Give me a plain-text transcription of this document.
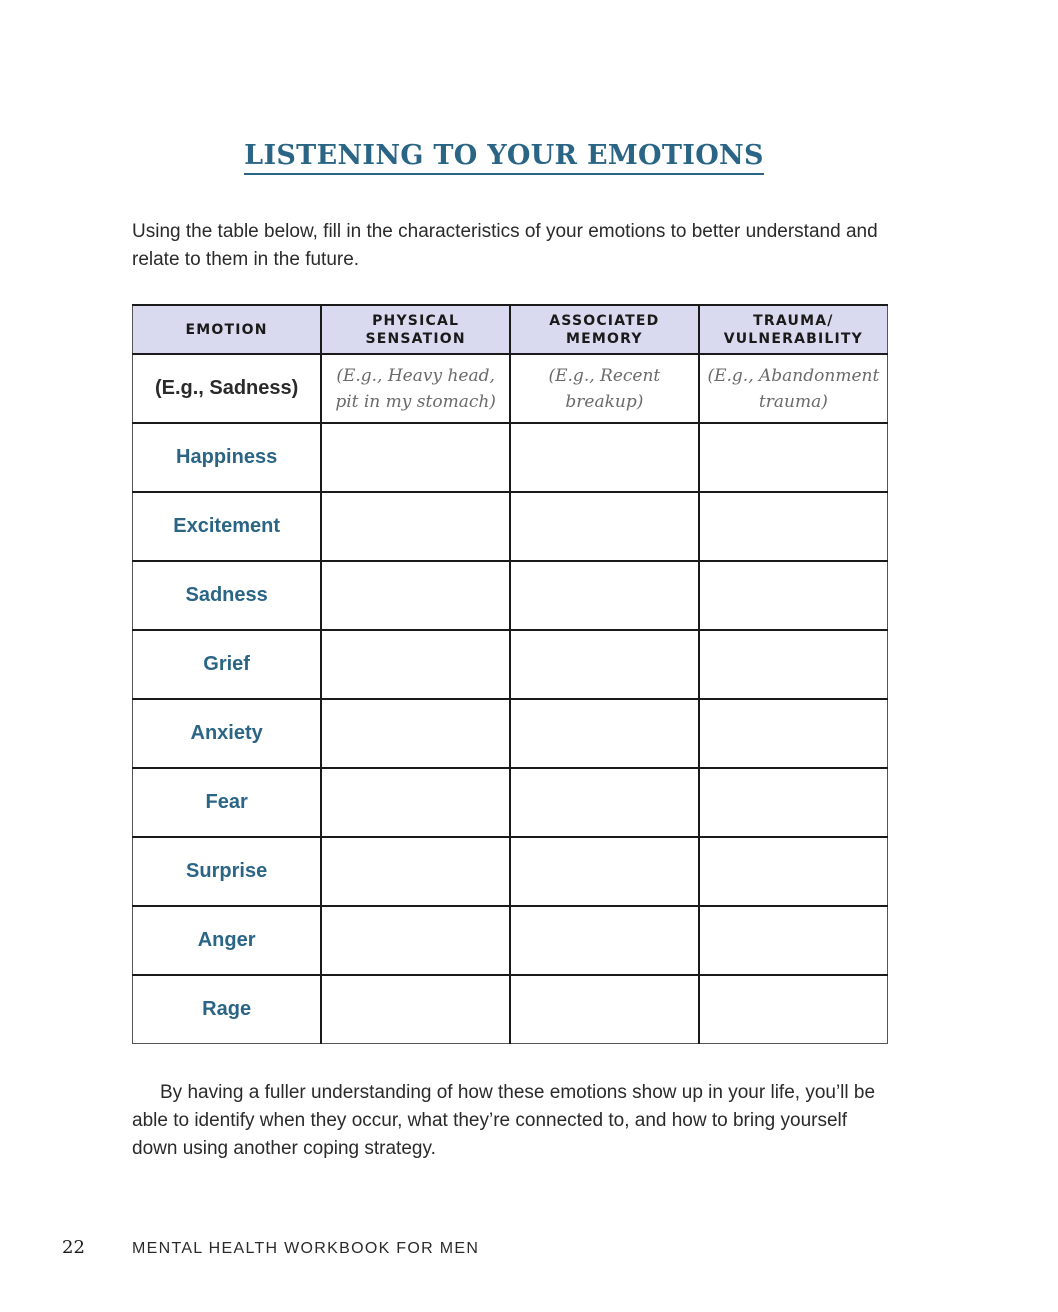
LISTENING TO YOUR EMOTIONS
Using the table below, fill in the characteristics of your emotions to better understand and relate to them in the future.
EMOTION	PHYSICAL SENSATION	ASSOCIATED MEMORY	TRAUMA/ VULNERABILITY
(E.g., Sadness)	(E.g., Heavy head, pit in my stomach)	(E.g., Recent breakup)	(E.g., Abandonment trauma)
Happiness			
Excitement			
Sadness			
Grief			
Anxiety			
Fear			
Surprise			
Anger			
Rage			
By having a fuller understanding of how these emotions show up in your life, you’ll be able to identify when they occur, what they’re connected to, and how to bring yourself down using another coping strategy.
22	MENTAL HEALTH WORKBOOK FOR MEN
